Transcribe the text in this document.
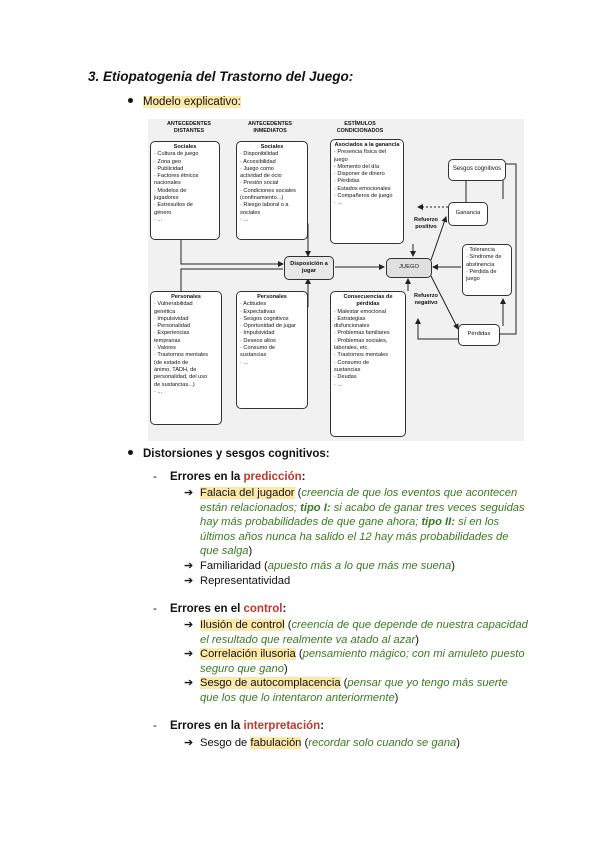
3. Etiopatogenia del Trastorno del Juego:
Modelo explicativo:
ANTECEDENTES DISTANTES
ANTECEDENTES INMEDIATOS
ESTÍMULOS CONDICIONADOS
Sociales
· Cultura de juego
· Zona geo
· Publicidad
· Factores étnicos
nacionales
· Modelos de
jugadores
· Estresultos de
género
· ...
Sociales
· Disponibilidad
· Accesibilidad
· Juego como
actividad de ocio
· Presión social
· Condiciones sociales
(confinamiento...)
· Riesgo laboral o a
sociales
· ...
Asociados a la ganancia
· Presencia física del
juego
· Momento del día
· Disponer de dinero
· Pérdidas
· Estados emocionales
· Compañeros de juego
· ...
Disposición a jugar
JUEGO
Sesgos cognitivos
Ganancia
· Tolerancia
· Síndrome de
abstinencia
· Pérdida de
juego
Pérdidas
Refuerzo positivo
Refuerzo negativo
Personales
· Vulnerabilidad
genética
· Impulsividad
· Personalidad
· Experiencias
tempranas
· Valores
· Trastornos mentales
(de estado de
ánimo, TADH, de
personalidad, del uso
de sustancias...)
· ...
Personales
· Actitudes
· Expectativas
· Sesgos cognitivos
· Oportunidad de jugar
· Impulsividad
· Deseos altos
· Consumo de
sustancias
· ...
Consecuencias de pérdidas
· Malestar emocional
· Estrategias
disfuncionales
· Problemas familiares
· Problemas sociales,
laborales, etc.
· Trastornos mentales
· Consumo de
sustancias
· Deudas
· ...
Distorsiones y sesgos cognitivos:
- Errores en la predicción:
➔ Falacia del jugador (creencia de que los eventos que acontecen
están relacionados; tipo I: si acabo de ganar tres veces seguidas
hay más probabilidades de que gane ahora; tipo II: si en los
últimos años nunca ha salido el 12 hay más probabilidades de
que salga)
➔ Familiaridad (apuesto más a lo que más me suena)
➔ Representatividad
- Errores en el control:
➔ Ilusión de control (creencia de que depende de nuestra capacidad
el resultado que realmente va atado al azar)
➔ Correlación ilusoria (pensamiento mágico; con mi amuleto puesto
seguro que gano)
➔ Sesgo de autocomplacencia (pensar que yo tengo más suerte
que los que lo intentaron anteriormente)
- Errores en la interpretación:
➔ Sesgo de fabulación (recordar solo cuando se gana)
